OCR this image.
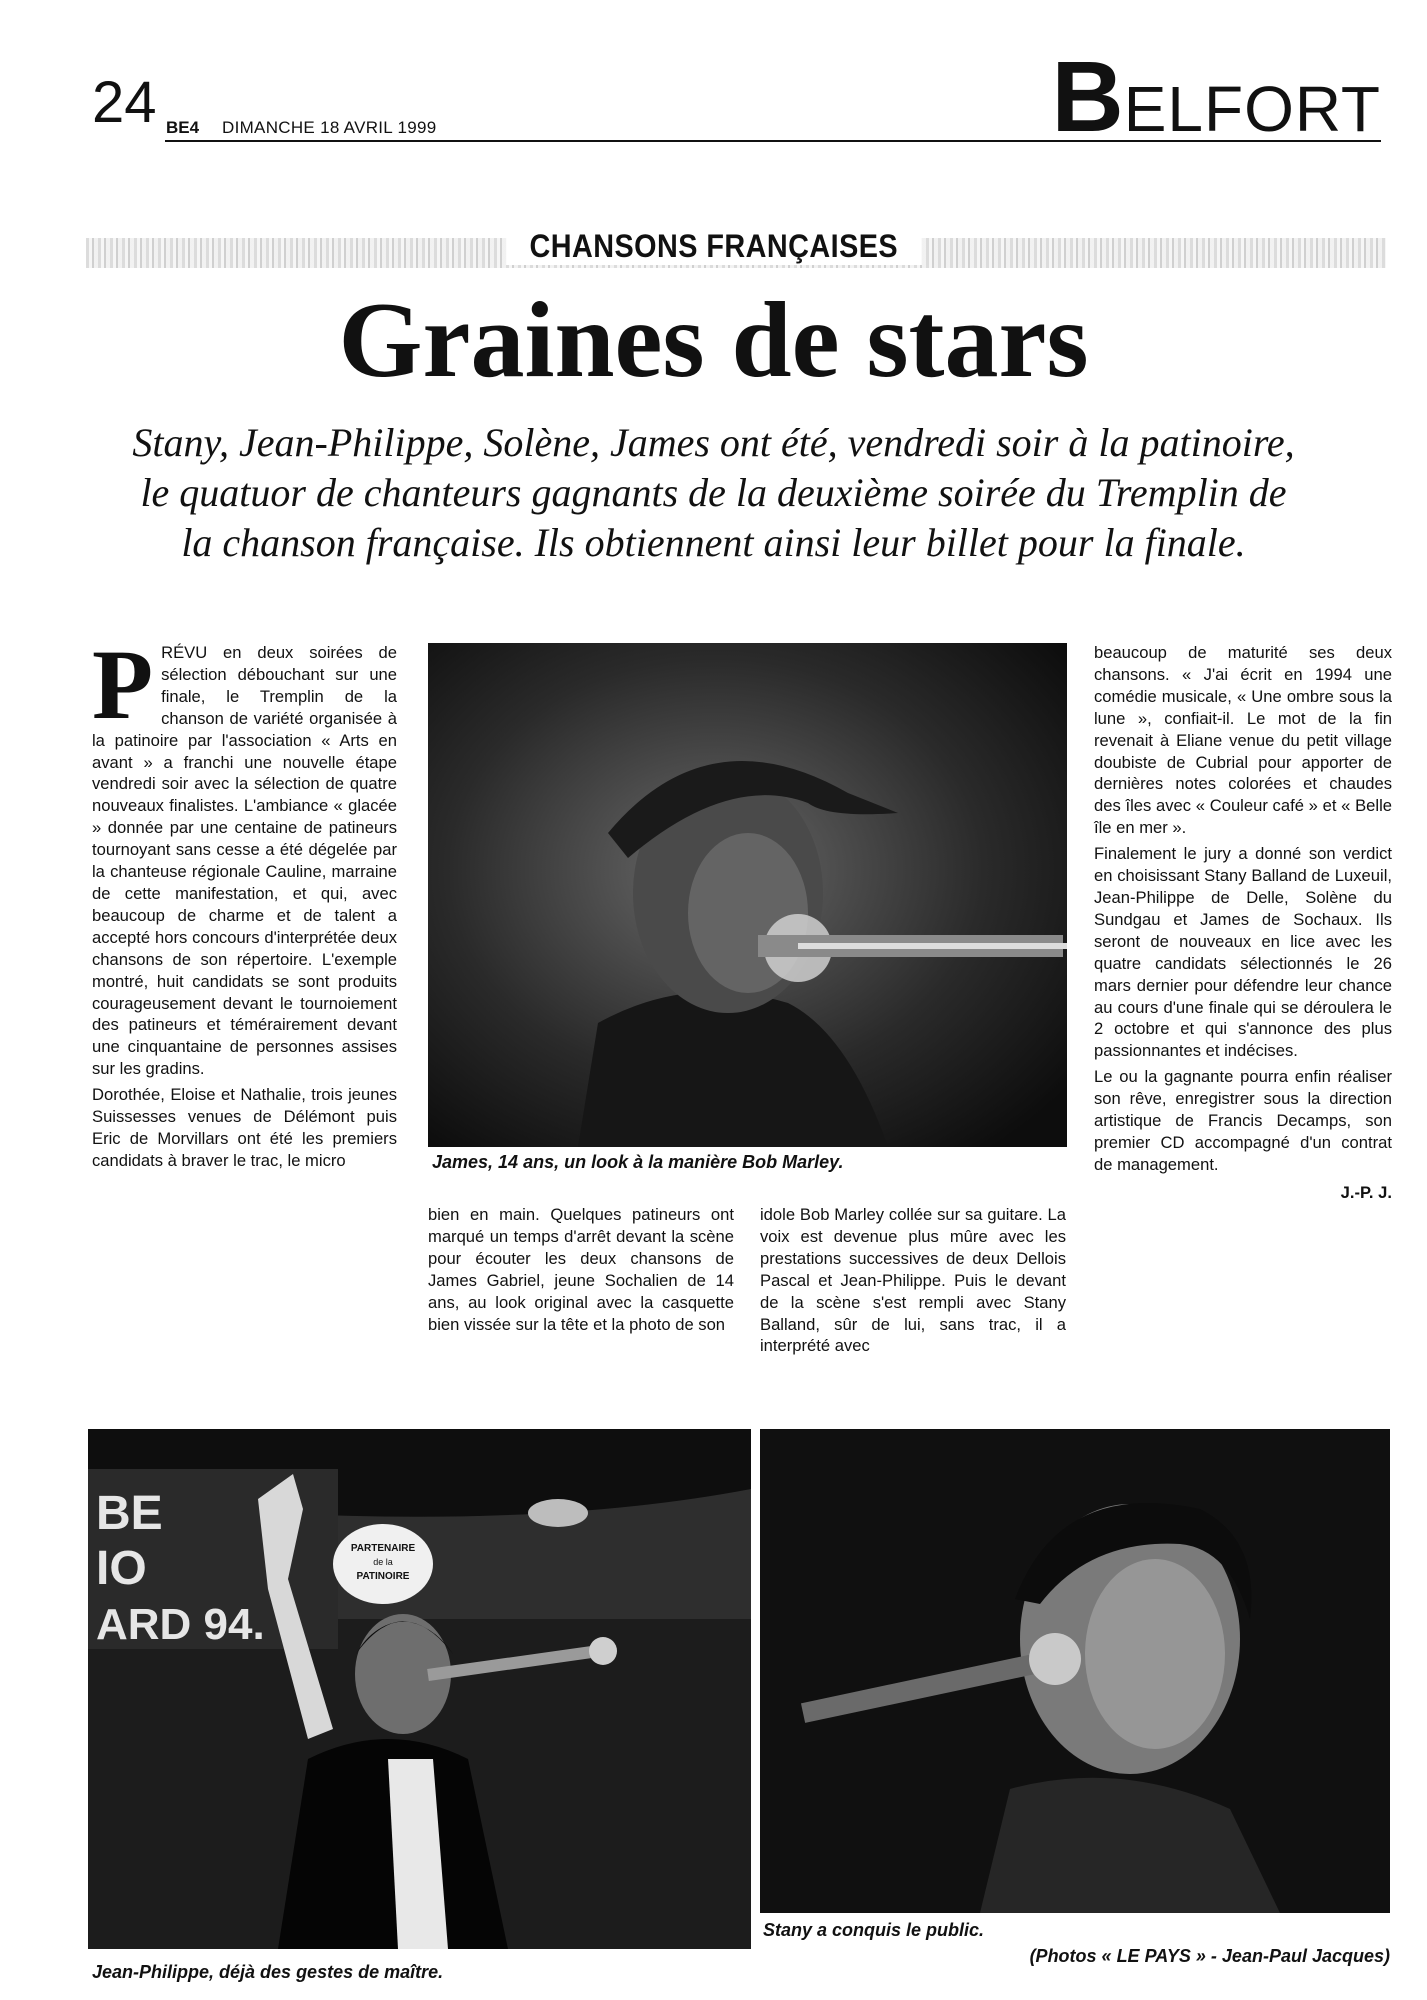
24 BE4 DIMANCHE 18 AVRIL 1999	BELFORT
CHANSONS FRANÇAISES
Graines de stars
Stany, Jean-Philippe, Solène, James ont été, vendredi soir à la patinoire, le quatuor de chanteurs gagnants de la deuxième soirée du Tremplin de la chanson française. Ils obtiennent ainsi leur billet pour la finale.

PRÉVU en deux soirées de sélection débouchant sur une finale, le Tremplin de la chanson de variété organisée à la patinoire par l'association « Arts en avant » a franchi une nouvelle étape vendredi soir avec la sélection de quatre nouveaux finalistes. L'ambiance « glacée » donnée par une centaine de patineurs tournoyant sans cesse a été dégelée par la chanteuse régionale Cauline, marraine de cette manifestation, et qui, avec beaucoup de charme et de talent a accepté hors concours d'interprétée deux chansons de son répertoire. L'exemple montré, huit candidats se sont produits courageusement devant le tournoiement des patineurs et témérairement devant une cinquantaine de personnes assises sur les gradins.

Dorothée, Eloise et Nathalie, trois jeunes Suissesses venues de Délémont puis Eric de Morvillars ont été les premiers candidats à braver le trac, le micro	James, 14 ans, un look à la manière Bob Marley.

bien en main. Quelques patineurs ont marqué un temps d'arrêt devant la scène pour écouter les deux chansons de James Gabriel, jeune Sochalien de 14 ans, au look original avec la casquette bien vissée sur la tête et la photo de son

idole Bob Marley collée sur sa guitare. La voix est devenue plus mûre avec les prestations successives de deux Dellois Pascal et Jean-Philippe. Puis le devant de la scène s'est rempli avec Stany Balland, sûr de lui, sans trac, il a interprété avec

beaucoup de maturité ses deux chansons. « J'ai écrit en 1994 une comédie musicale, « Une ombre sous la lune », confiait-il. Le mot de la fin revenait à Eliane venue du petit village doubiste de Cubrial pour apporter de dernières notes colorées et chaudes des îles avec « Couleur café » et « Belle île en mer ».

Finalement le jury a donné son verdict en choisissant Stany Balland de Luxeuil, Jean-Philippe de Delle, Solène du Sundgau et James de Sochaux. Ils seront de nouveaux en lice avec les quatre candidats sélectionnés le 26 mars dernier pour défendre leur chance au cours d'une finale qui se déroulera le 2 octobre et qui s'annonce des plus passionnantes et indécises.

Le ou la gagnante pourra enfin réaliser son rêve, enregistrer sous la direction artistique de Francis Decamps, son premier CD accompagné d'un contrat de management.

J.-P. J.
BE
IO
ARD 94.
PARTENAIRE
de la
PATINOIRE
Jean-Philippe, déjà des gestes de maître.
Stany a conquis le public.
(Photos « LE PAYS » - Jean-Paul Jacques)
